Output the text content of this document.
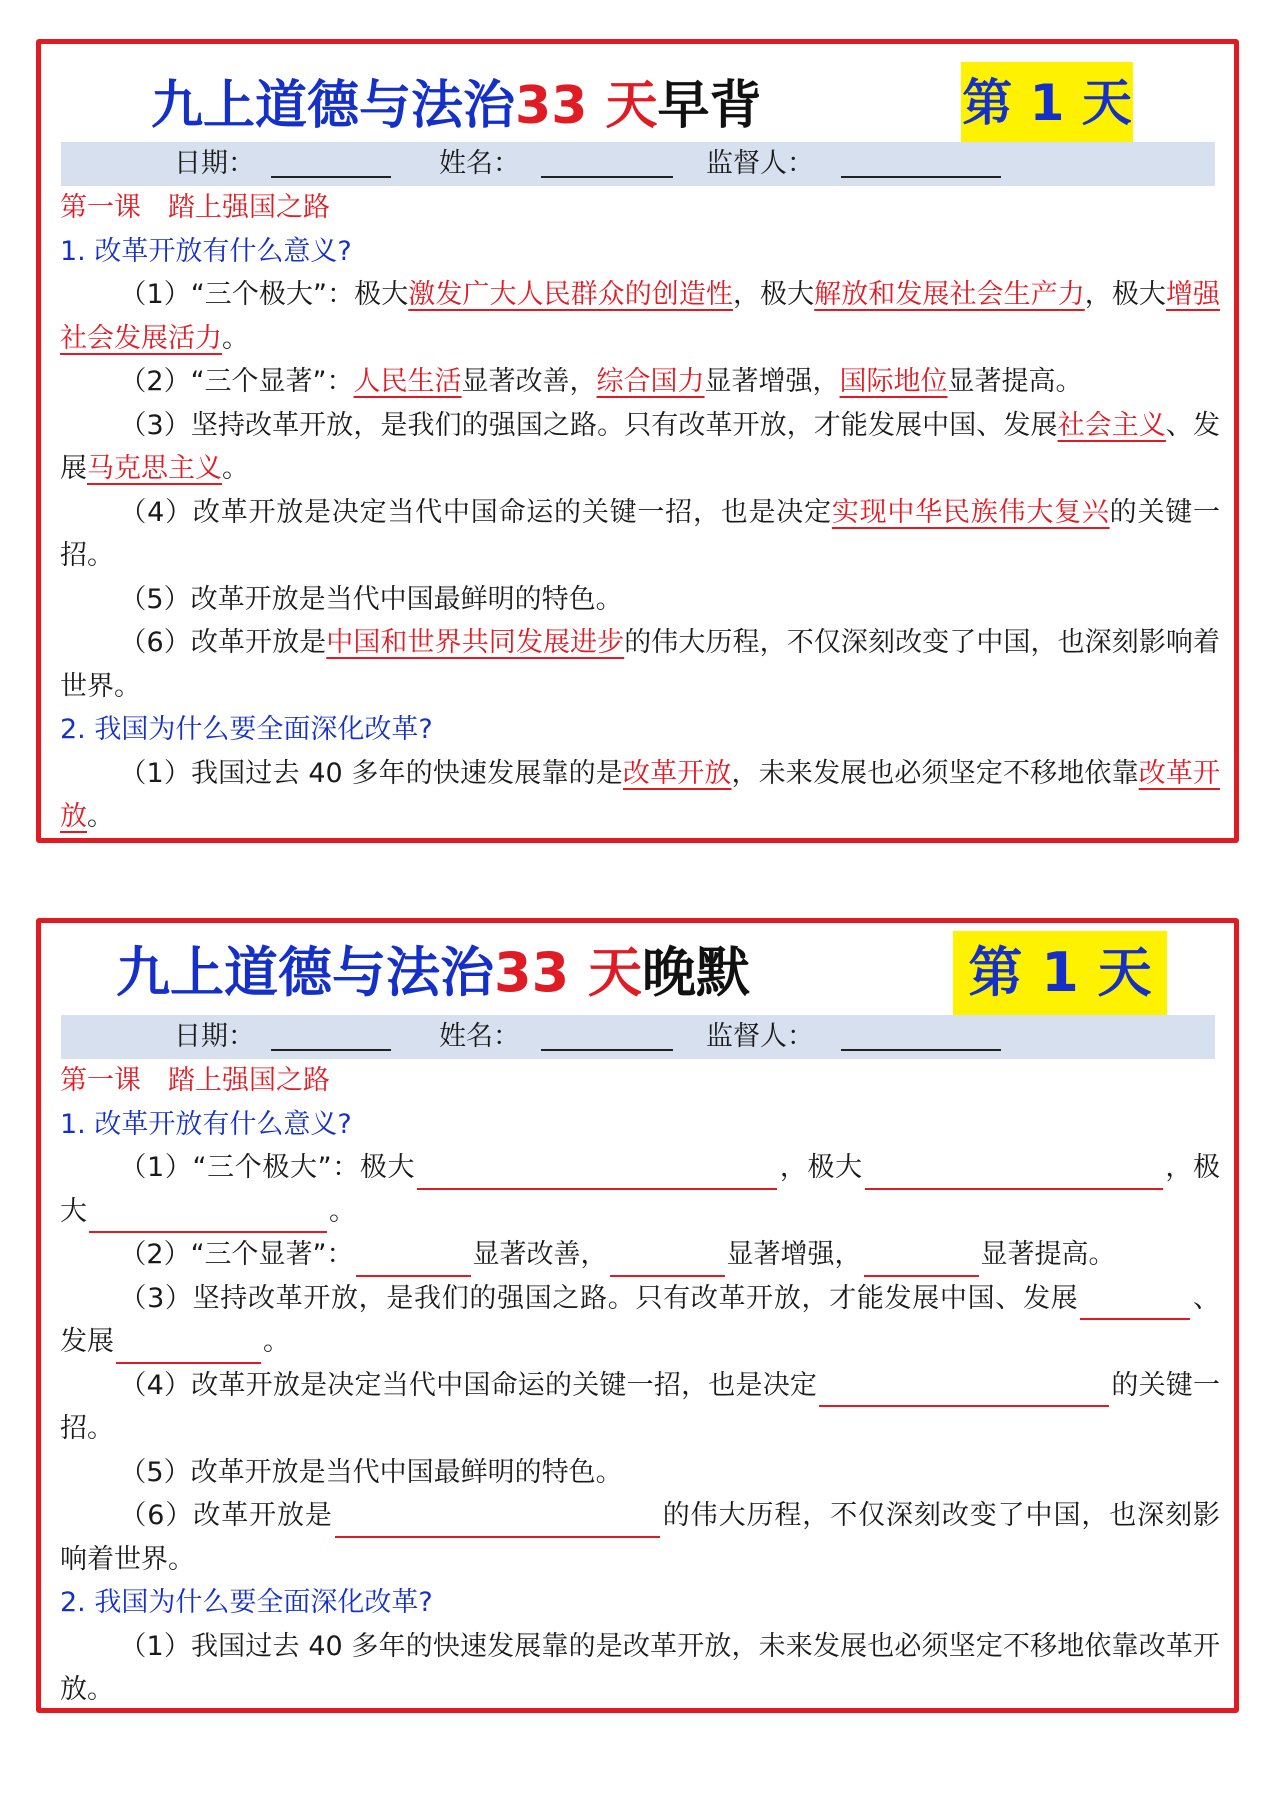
九上道德与法治33 天早背	第 1 天
日期：	姓名：	监督人：

第一课　踏上强国之路

1. 改革开放有什么意义?

（1）“三个极大”：极大激发广大人民群众的创造性，极大解放和发展社会生产力，极大增强社会发展活力。

（2）“三个显著”：人民生活显著改善，综合国力显著增强，国际地位显著提高。

（3）坚持改革开放，是我们的强国之路。只有改革开放，才能发展中国、发展社会主义、发展马克思主义。

（4）改革开放是决定当代中国命运的关键一招，也是决定实现中华民族伟大复兴的关键一招。

（5）改革开放是当代中国最鲜明的特色。

（6）改革开放是中国和世界共同发展进步的伟大历程，不仅深刻改变了中国，也深刻影响着世界。

2. 我国为什么要全面深化改革?

（1）我国过去 40 多年的快速发展靠的是改革开放，未来发展也必须坚定不移地依靠改革开放。

九上道德与法治33 天晚默	第 1 天
日期：	姓名：	监督人：

第一课　踏上强国之路

1. 改革开放有什么意义?

（1）“三个极大”：极大	，极大	，极大	。

（2）“三个显著”：	显著改善，	显著增强，	显著提高。

（3）坚持改革开放，是我们的强国之路。只有改革开放，才能发展中国、发展	、发展	。

（4）改革开放是决定当代中国命运的关键一招，也是决定	的关键一招。

（5）改革开放是当代中国最鲜明的特色。

（6）改革开放是	的伟大历程，不仅深刻改变了中国，也深刻影响着世界。

2. 我国为什么要全面深化改革?

（1）我国过去 40 多年的快速发展靠的是改革开放，未来发展也必须坚定不移地依靠改革开放。
